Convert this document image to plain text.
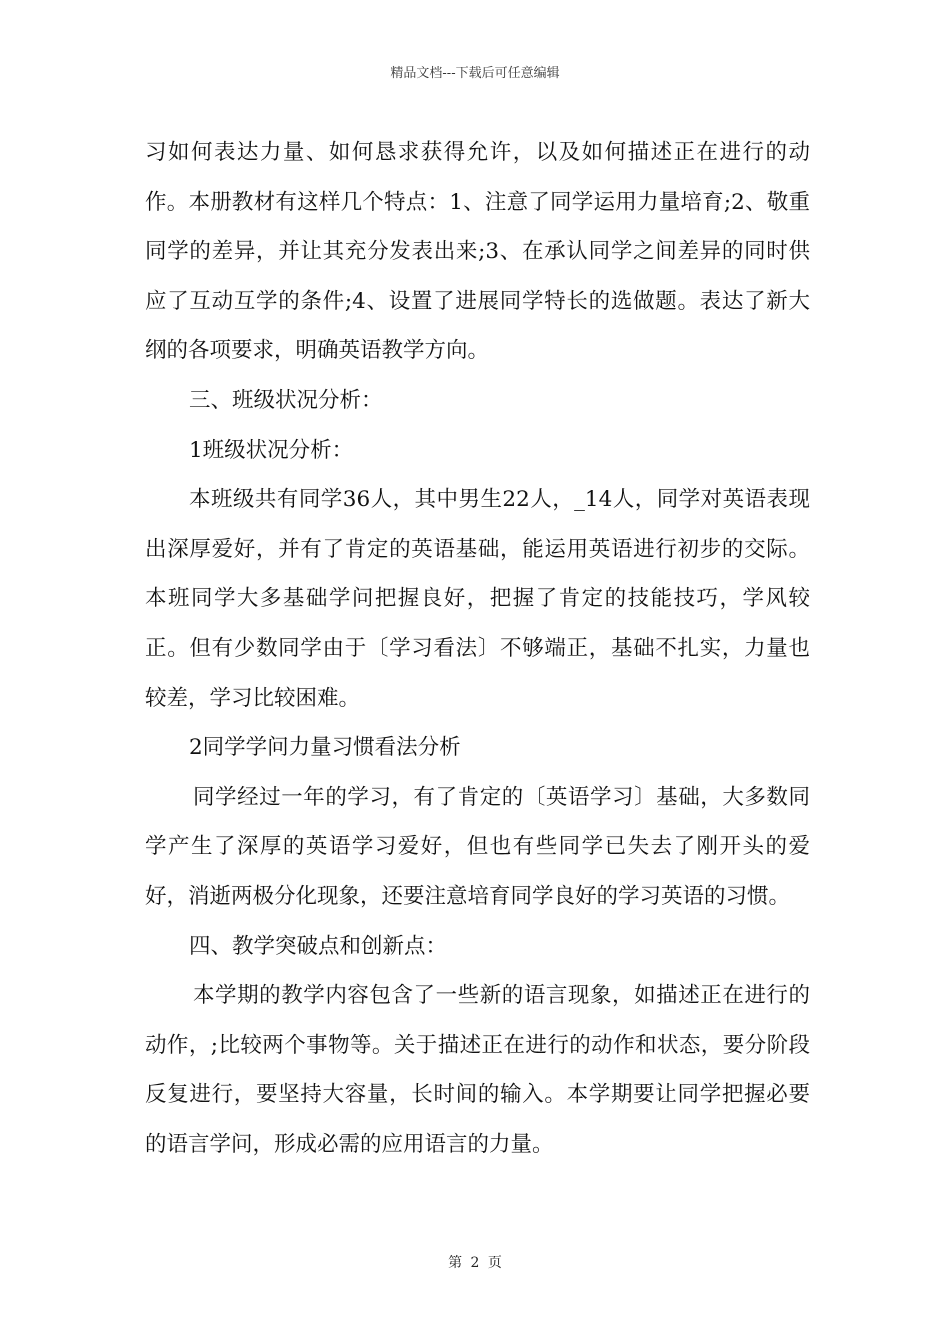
精品文档---下载后可任意编辑

习如何表达力量、如何恳求获得允许，以及如何描述正在进行的动作。本册教材有这样几个特点：1、注意了同学运用力量培育;2、敬重同学的差异，并让其充分发表出来;3、在承认同学之间差异的同时供应了互动互学的条件;4、设置了进展同学特长的选做题。表达了新大纲的各项要求，明确英语教学方向。

三、班级状况分析：

1班级状况分析：

本班级共有同学36人，其中男生22人，_14人，同学对英语表现出深厚爱好，并有了肯定的英语基础，能运用英语进行初步的交际。本班同学大多基础学问把握良好，把握了肯定的技能技巧，学风较正。但有少数同学由于〔学习看法〕不够端正，基础不扎实，力量也较差，学习比较困难。

2同学学问力量习惯看法分析

同学经过一年的学习，有了肯定的〔英语学习〕基础，大多数同学产生了深厚的英语学习爱好，但也有些同学已失去了刚开头的爱好，消逝两极分化现象，还要注意培育同学良好的学习英语的习惯。

四、教学突破点和创新点：

本学期的教学内容包含了一些新的语言现象，如描述正在进行的动作，;比较两个事物等。关于描述正在进行的动作和状态，要分阶段反复进行，要坚持大容量，长时间的输入。本学期要让同学把握必要的语言学问，形成必需的应用语言的力量。

第 2 页
